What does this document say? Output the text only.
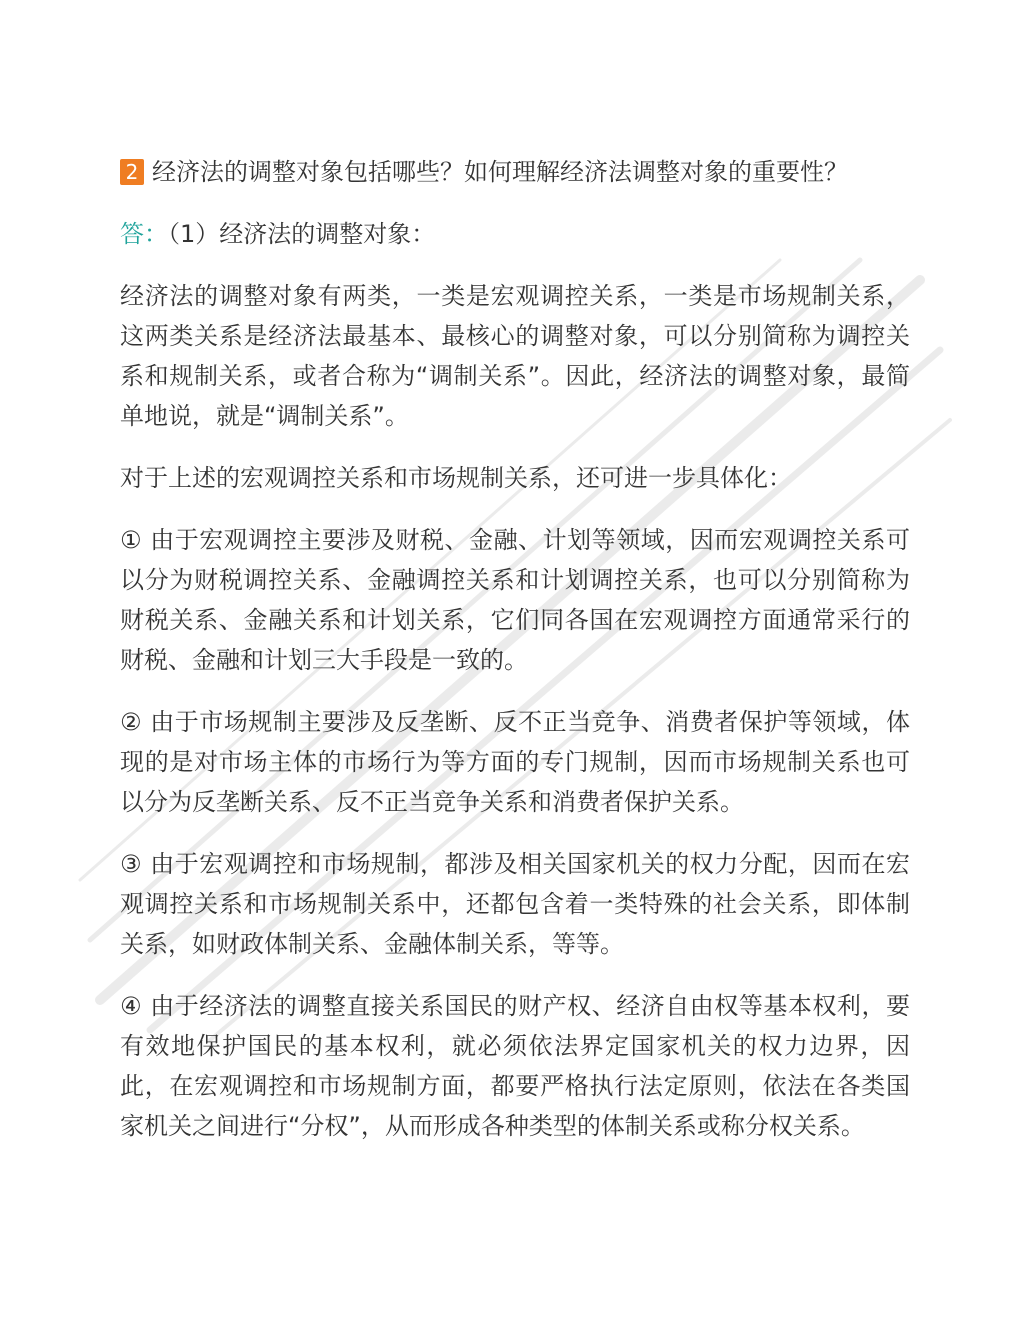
2 经济法的调整对象包括哪些？如何理解经济法调整对象的重要性？
答：（1）经济法的调整对象：

经济法的调整对象有两类，一类是宏观调控关系，一类是市场规制关系，这两类关系是经济法最基本、最核心的调整对象，可以分别简称为调控关系和规制关系，或者合称为“调制关系”。因此，经济法的调整对象，最简单地说，就是“调制关系”。

对于上述的宏观调控关系和市场规制关系，还可进一步具体化：

① 由于宏观调控主要涉及财税、金融、计划等领域，因而宏观调控关系可以分为财税调控关系、金融调控关系和计划调控关系，也可以分别简称为财税关系、金融关系和计划关系，它们同各国在宏观调控方面通常采行的财税、金融和计划三大手段是一致的。

② 由于市场规制主要涉及反垄断、反不正当竞争、消费者保护等领域，体现的是对市场主体的市场行为等方面的专门规制，因而市场规制关系也可以分为反垄断关系、反不正当竞争关系和消费者保护关系。

③ 由于宏观调控和市场规制，都涉及相关国家机关的权力分配，因而在宏观调控关系和市场规制关系中，还都包含着一类特殊的社会关系，即体制关系，如财政体制关系、金融体制关系，等等。

④ 由于经济法的调整直接关系国民的财产权、经济自由权等基本权利，要有效地保护国民的基本权利，就必须依法界定国家机关的权力边界，因此，在宏观调控和市场规制方面，都要严格执行法定原则，依法在各类国家机关之间进行“分权”，从而形成各种类型的体制关系或称分权关系。
